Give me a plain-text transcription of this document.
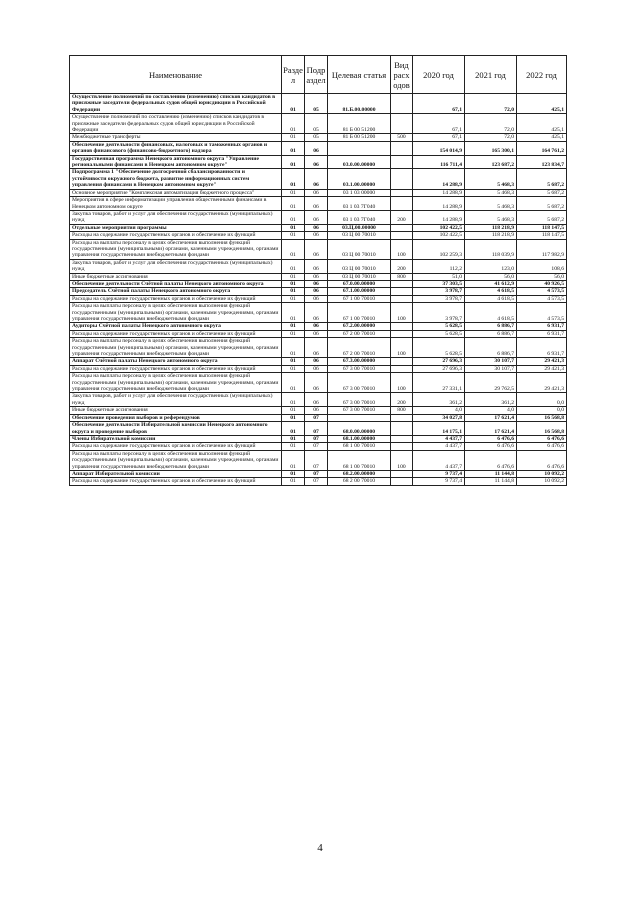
Наименование	Разде л	Подр аздел	Целевая статья	Вид расх одов	2020 год	2021 год	2022 год
Осуществление полномочий по составлению (изменению) списков кандидатов в присяжные заседатели федеральных судов общей юрисдикции в Российской Федерации	01	05	81.Б.00.00000		67,1	72,0	425,1
Осуществление полномочий по составлению (изменению) списков кандидатов в присяжные заседатели федеральных судов общей юрисдикции в Российской Федерации	01	05	81 Б 00 51200		67,1	72,0	425,1
Межбюджетные трансферты	01	05	81 Б 00 51200	500	67,1	72,0	425,1
Обеспечение деятельности финансовых, налоговых и таможенных органов и органов финансового (финансово-бюджетного) надзора	01	06			154 014,9	165 300,1	164 761,2
Государственная программа Ненецкого автономного округа "Управление региональными финансами в Ненецком автономном округе"	01	06	03.0.00.00000		116 711,4	123 687,2	123 834,7
Подпрограмма 1 "Обеспечение долгосрочной сбалансированности и устойчивости окружного бюджета, развитие информационных систем управления финансами в Ненецком автономном округе"	01	06	03.1.00.00000		14 288,9	5 468,3	5 687,2
Основное мероприятие "Комплексная автоматизация бюджетного процесса"	01	06	03 1 03 00000		14 288,9	5 468,3	5 687,2
Мероприятия в сфере информатизации управления общественными финансами в Ненецком автономном округе	01	06	03 1 03 7Г040		14 288,9	5 468,3	5 687,2
Закупка товаров, работ и услуг для обеспечения государственных (муниципальных) нужд	01	06	03 1 03 7Г040	200	14 288,9	5 468,3	5 687,2
Отдельные мероприятия программы	01	06	03.Ц.00.00000		102 422,5	118 218,9	118 147,5
Расходы на содержание государственных органов и обеспечение их функций	01	06	03 Ц 00 70010		102 422,5	118 218,9	118 147,5
Расходы на выплаты персоналу в целях обеспечения выполнения функций государственными (муниципальными) органами, казенными учреждениями, органами управления государственными внебюджетными фондами	01	06	03 Ц 00 70010	100	102 259,3	118 039,9	117 982,9
Закупка товаров, работ и услуг для обеспечения государственных (муниципальных) нужд	01	06	03 Ц 00 70010	200	112,2	123,0	108,6
Иные бюджетные ассигнования	01	06	03 Ц 00 70010	800	51,0	56,0	56,0
Обеспечение деятельности Счётной палаты Ненецкого автономного округа	01	06	67.0.00.00000		37 303,5	41 612,9	40 926,5
Председатель Счётной палаты Ненецкого автономного округа	01	06	67.1.00.00000		3 978,7	4 618,5	4 573,5
Расходы на содержание государственных органов и обеспечение их функций	01	06	67 1 00 70010		3 978,7	4 618,5	4 573,5
Расходы на выплаты персоналу в целях обеспечения выполнения функций государственными (муниципальными) органами, казенными учреждениями, органами управления государственными внебюджетными фондами	01	06	67 1 00 70010	100	3 978,7	4 618,5	4 573,5
Аудиторы Счётной палаты Ненецкого автономного округа	01	06	67.2.00.00000		5 628,5	6 886,7	6 931,7
Расходы на содержание государственных органов и обеспечение их функций	01	06	67 2 00 70010		5 628,5	6 886,7	6 931,7
Расходы на выплаты персоналу в целях обеспечения выполнения функций государственными (муниципальными) органами, казенными учреждениями, органами управления государственными внебюджетными фондами	01	06	67 2 00 70010	100	5 628,5	6 886,7	6 931,7
Аппарат Счётной палаты Ненецкого автономного округа	01	06	67.3.00.00000		27 696,3	30 107,7	29 421,3
Расходы на содержание государственных органов и обеспечение их функций	01	06	67 3 00 70010		27 696,3	30 107,7	29 421,3
Расходы на выплаты персоналу в целях обеспечения выполнения функций государственными (муниципальными) органами, казенными учреждениями, органами управления государственными внебюджетными фондами	01	06	67 3 00 70010	100	27 331,1	29 762,5	29 421,3
Закупка товаров, работ и услуг для обеспечения государственных (муниципальных) нужд	01	06	67 3 00 70010	200	361,2	361,2	0,0
Иные бюджетные ассигнования	01	06	67 3 00 70010	800	4,0	4,0	0,0
Обеспечение проведения выборов и референдумов	01	07			34 027,8	17 621,4	16 568,8
Обеспечение деятельности Избирательной комиссии Ненецкого автономного округа и проведение выборов	01	07	68.0.00.00000		14 175,1	17 621,4	16 568,8
Члены Избирательной комиссии	01	07	68.1.00.00000		4 437,7	6 476,6	6 476,6
Расходы на содержание государственных органов и обеспечение их функций	01	07	68 1 00 70010		4 437,7	6 476,6	6 476,6
Расходы на выплаты персоналу в целях обеспечения выполнения функций государственными (муниципальными) органами, казенными учреждениями, органами управления государственными внебюджетными фондами	01	07	68 1 00 70010	100	4 437,7	6 476,6	6 476,6
Аппарат Избирательной комиссии	01	07	68.2.00.00000		9 737,4	11 144,8	10 092,2
Расходы на содержание государственных органов и обеспечение их функций	01	07	68 2 00 70010		9 737,4	11 144,8	10 092,2
4
